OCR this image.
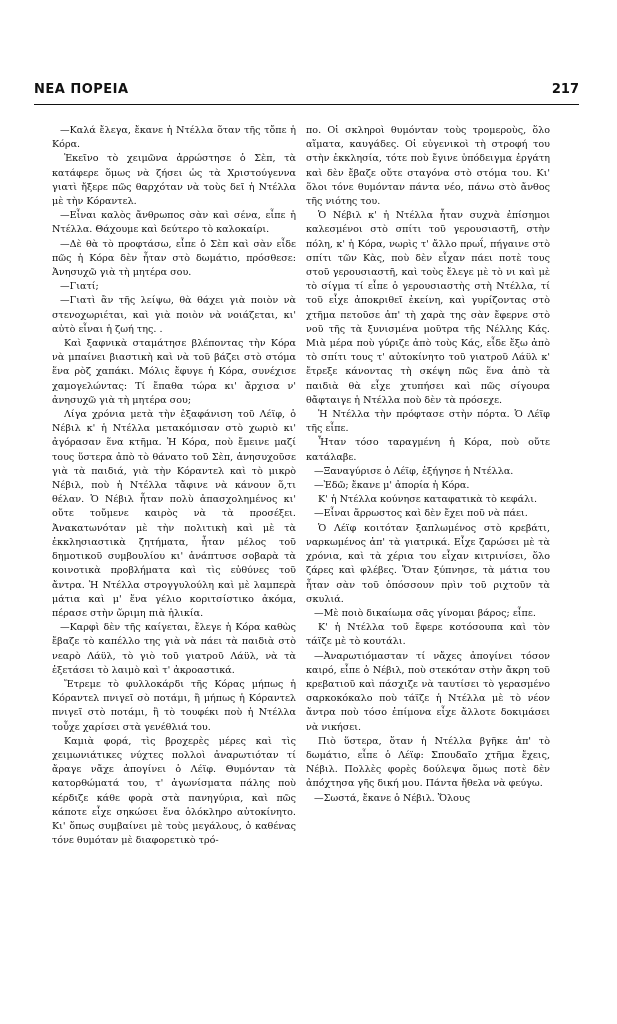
ΝΕΑ ΠΟΡΕΙΑ	217

—Καλά ἔλεγα, ἔκανε ἡ Ντέλλα ὅταν τῆς τὄπε ἡ Κόρα.

Ἐκεῖνο τὸ χειμῶνα ἀρρώστησε ὁ Σὲπ, τὰ κατάφερε ὅμως νὰ ζήσει ὡς τὰ Χριστούγεννα γιατὶ ἤξερε πῶς θαρχόταν νὰ τοὺς δεῖ ἡ Ντέλλα μὲ τὴν Κόραντελ.

—Εἶναι καλὸς ἄνθρωπος σὰν καὶ σένα, εἶπε ἡ Ντέλλα. Θάχουμε καὶ δεύτερο τὸ καλοκαίρι.

—Δὲ θὰ τὸ προφτάσω, εἶπε ὁ Σὲπ καὶ σὰν εἶδε πῶς ἡ Κόρα δὲν ἦταν στὸ δωμάτιο, πρόσθεσε: Ἀνησυχῶ γιὰ τὴ μητέρα σου.

—Γιατί;

—Γιατὶ ἂν τῆς λείψω, θὰ θάχει γιὰ ποιὸν νὰ στενοχωριέται, καὶ γιὰ ποιὸν νὰ νοιάζεται, κι' αὐτὸ εἶναι ἡ ζωή της. .

Καὶ ξαφνικὰ σταμάτησε βλέποντας τὴν Κόρα νὰ μπαίνει βιαστικὴ καὶ νὰ τοῦ βάζει στὸ στόμα ἕνα ρὸζ χαπάκι. Μόλις ἔφυγε ἡ Κόρα, συνέχισε χαμογελώντας: Τί ἔπαθα τώρα κι' ἄρχισα ν' ἀνησυχῶ γιὰ τὴ μητέρα σου;

Λίγα χρόνια μετὰ τὴν ἐξαφάνιση τοῦ Λέϊφ, ὁ Νέβιλ κ' ἡ Ντέλλα μετακόμισαν στὸ χωριὸ κι' ἀγόρασαν ἕνα κτῆμα. Ἡ Κόρα, ποὺ ἔμεινε μαζί τους ὕστερα ἀπὸ τὸ θάνατο τοῦ Σὲπ, ἀνησυχοῦσε γιὰ τὰ παιδιά, γιὰ τὴν Κόραντελ καὶ τὸ μικρὸ Νέβιλ, ποὺ ἡ Ντέλλα τἄφινε νὰ κάνουν ὅ,τι θέλαν. Ὁ Νέβιλ ἦταν πολὺ ἀπασχολημένος κι' οὔτε τοὔμενε καιρὸς νὰ τὰ προσέξει. Ἀνακατωνόταν μὲ τὴν πολιτικὴ καὶ μὲ τὰ ἐκκλησιαστικὰ ζητήματα, ἦταν μέλος τοῦ δημοτικοῦ συμβουλίου κι' ἀνάπτυσε σοβαρὰ τὰ κοινοτικὰ προβλήματα καὶ τὶς εὐθύνες τοῦ ἄντρα. Ἡ Ντέλλα στρογγυλούλη καὶ μὲ λαμπερὰ μάτια καὶ μ' ἕνα γέλιο κοριτσίστικο ἀκόμα, πέρασε στὴν ὥριμη πιὰ ἡλικία.

—Καρφὶ δὲν τῆς καίγεται, ἔλεγε ἡ Κόρα καθὼς ἔβαζε τὸ καπέλλο της γιὰ νὰ πάει τὰ παιδιὰ στὸ νεαρὸ Λάϋλ, τὸ γιὸ τοῦ γιατροῦ Λάϋλ, νὰ τὰ ἐξετάσει τὸ λαιμὸ καὶ τ' ἀκροαστικά.

Ἔτρεμε τὸ φυλλοκάρδι τῆς Κόρας μήπως ἡ Κόραντελ πνιγεῖ σὸ ποτάμι, ἢ μήπως ἡ Κόραντελ πνιγεῖ στὸ ποτάμι, ἢ τὸ τουφέκι ποὺ ἡ Ντέλλα τοὖχε χαρίσει στὰ γενέθλιά του.

Καμιὰ φορά, τὶς βροχερὲς μέρες καὶ τὶς χειμωνιάτικες νύχτες πολλοὶ ἀναρωτιόταν τί ἄραγε νἄχε ἀπογίνει ὁ Λέϊφ. Θυμόνταν τὰ κατορθώματά του, τ' ἀγωνίσματα πάλης ποὺ κέρδιζε κάθε φορὰ στὰ πανηγύρια, καὶ πῶς κάποτε εἶχε σηκώσει ἕνα ὁλόκληρο αὐτοκίνητο. Κι' ὅπως συμβαίνει μὲ τοὺς μεγάλους, ὁ καθένας τόνε θυμόταν μὲ διαφορετικὸ τρό-

πο. Οἱ σκληροὶ θυμόνταν τοὺς τρομεροὺς, ὅλο αἵματα, καυγάδες. Οἱ εὐγενικοὶ τὴ στροφή του στὴν ἐκκλησία, τότε ποὺ ἔγινε ὑπόδειγμα ἐργάτη καὶ δὲν ἔβαζε οὔτε σταγόνα στὸ στόμα του. Κι' ὅλοι τόνε θυμόνταν πάντα νέο, πάνω στὸ ἄνθος τῆς νιότης του.

Ὁ Νέβιλ κ' ἡ Ντέλλα ἦταν συχνὰ ἐπίσημοι καλεσμένοι στὸ σπίτι τοῦ γερουσιαστῆ, στὴν πόλη, κ' ἡ Κόρα, νωρὶς τ' ἄλλο πρωΐ, πήγαινε στὸ σπίτι τῶν Κὰς, ποὺ δὲν εἶχαν πάει ποτὲ τους στοῦ γερουσιαστῆ, καὶ τοὺς ἔλεγε μὲ τὸ νι καὶ μὲ τὸ σίγμα τί εἶπε ὁ γερουσιαστὴς στὴ Ντέλλα, τί τοῦ εἶχε ἀποκριθεῖ ἐκείνη, καὶ γυρίζοντας στὸ χτῆμα πετοῦσε ἀπ' τὴ χαρὰ της σὰν ἔφερνε στὸ νοῦ τῆς τὰ ξυνισμένα μοῦτρα τῆς Νέλλης Κάς. Μιὰ μέρα ποὺ γύριζε ἀπὸ τοὺς Κάς, εἶδε ἔξω ἀπὸ τὸ σπίτι τους τ' αὐτοκίνητο τοῦ γιατροῦ Λάϋλ κ' ἔτρεξε κάνοντας τὴ σκέψη πῶς ἕνα ἀπὸ τὰ παιδιὰ θὰ εἶχε χτυπήσει καὶ πῶς σίγουρα θἄφταιγε ἡ Ντέλλα ποὺ δὲν τὰ πρόσεχε.

Ἡ Ντέλλα τὴν πρόφτασε στὴν πόρτα. Ὁ Λέϊφ τῆς εἶπε.

Ἦταν τόσο ταραγμένη ἡ Κόρα, ποὺ οὔτε κατάλαβε.

—Ξαναγύρισε ὁ Λέϊφ, ἐξήγησε ἡ Ντέλλα.

—Ἐδῶ; ἔκανε μ' ἀπορία ἡ Κόρα.

Κ' ἡ Ντέλλα κούνησε καταφατικὰ τὸ κεφάλι.

—Εἶναι ἄρρωστος καὶ δὲν ἔχει ποῦ νὰ πάει.

Ὁ Λέϊφ κοιτόταν ξαπλωμένος στὸ κρεβάτι, ναρκωμένος ἀπ' τὰ γιατρικά. Εἶχε ζαρώσει μὲ τὰ χρόνια, καὶ τὰ χέρια του εἶχαν κιτρινίσει, ὅλο ζάρες καὶ φλέβες. Ὅταν ξύπνησε, τὰ μάτια του ἦταν σὰν τοῦ ὁπόσσουν πρὶν τοῦ ριχτοῦν τὰ σκυλιά.

—Μὲ ποιὸ δικαίωμα σᾶς γίνομαι βάρος; εἶπε.

Κ' ἡ Ντέλλα τοῦ ἔφερε κοτόσουπα καὶ τὸν τάϊζε μὲ τὸ κουτάλι.

—Ἀναρωτιόμασταν τί νἄχες ἀπογίνει τόσον καιρό, εἶπε ὁ Νέβιλ, ποὺ στεκόταν στὴν ἄκρη τοῦ κρεβατιοῦ καὶ πάσχιζε νὰ ταυτίσει τὸ γερασμένο σαρκοκόκαλο ποὺ τάϊζε ἡ Ντέλλα μὲ τὸ νέον ἄντρα ποὺ τόσο ἐπίμονα εἶχε ἄλλοτε δοκιμάσει νὰ νικήσει.

Πιὸ ὕστερα, ὅταν ἡ Ντέλλα βγῆκε ἀπ' τὸ δωμάτιο, εἶπε ὁ Λέϊφ: Σπουδαῖο χτῆμα ἔχεις, Νέβιλ. Πολλὲς φορὲς δούλεψα ὅμως ποτὲ δὲν ἀπόχτησα γῆς δική μου. Πάντα ἤθελα νὰ φεύγω.

—Σωστά, ἔκανε ὁ Νέβιλ. Ὅλους
